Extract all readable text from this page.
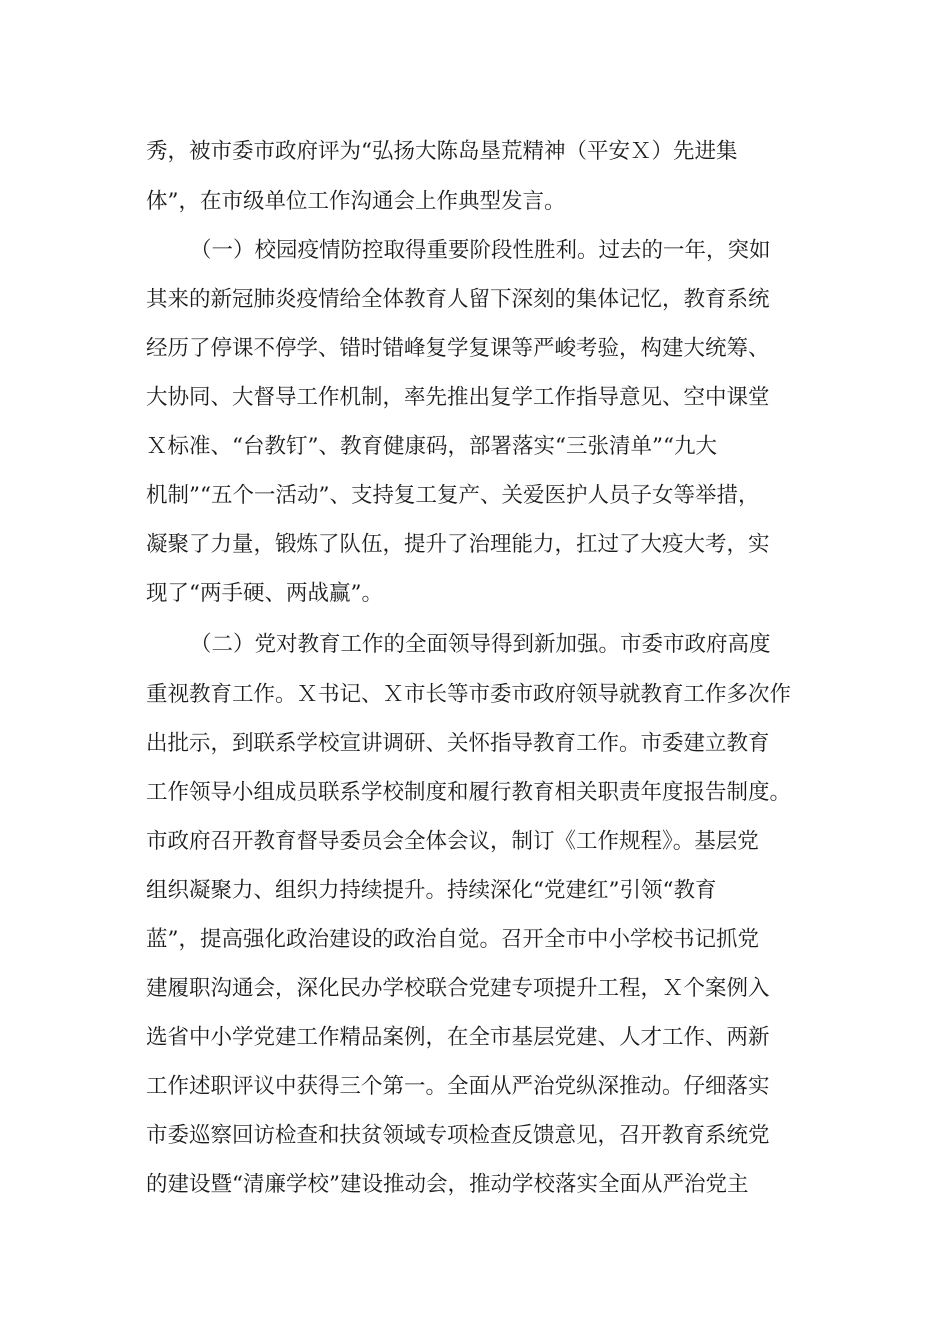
秀，被市委市政府评为“弘扬大陈岛垦荒精神（平安Ｘ）先进集
体”，在市级单位工作沟通会上作典型发言。
（一）校园疫情防控取得重要阶段性胜利。过去的一年，突如
其来的新冠肺炎疫情给全体教育人留下深刻的集体记忆，教育系统
经历了停课不停学、错时错峰复学复课等严峻考验，构建大统筹、
大协同、大督导工作机制，率先推出复学工作指导意见、空中课堂
Ｘ标准、“台教钉”、教育健康码，部署落实“三张清单”“九大
机制”“五个一活动”、支持复工复产、关爱医护人员子女等举措，
凝聚了力量，锻炼了队伍，提升了治理能力，扛过了大疫大考，实
现了“两手硬、两战赢”。
（二）党对教育工作的全面领导得到新加强。市委市政府高度
重视教育工作。Ｘ书记、Ｘ市长等市委市政府领导就教育工作多次作
出批示，到联系学校宣讲调研、关怀指导教育工作。市委建立教育
工作领导小组成员联系学校制度和履行教育相关职责年度报告制度。
市政府召开教育督导委员会全体会议，制订《工作规程》。基层党
组织凝聚力、组织力持续提升。持续深化“党建红”引领“教育
蓝”，提高强化政治建设的政治自觉。召开全市中小学校书记抓党
建履职沟通会，深化民办学校联合党建专项提升工程，Ｘ个案例入
选省中小学党建工作精品案例，在全市基层党建、人才工作、两新
工作述职评议中获得三个第一。全面从严治党纵深推动。仔细落实
市委巡察回访检查和扶贫领域专项检查反馈意见，召开教育系统党
的建设暨“清廉学校”建设推动会，推动学校落实全面从严治党主
